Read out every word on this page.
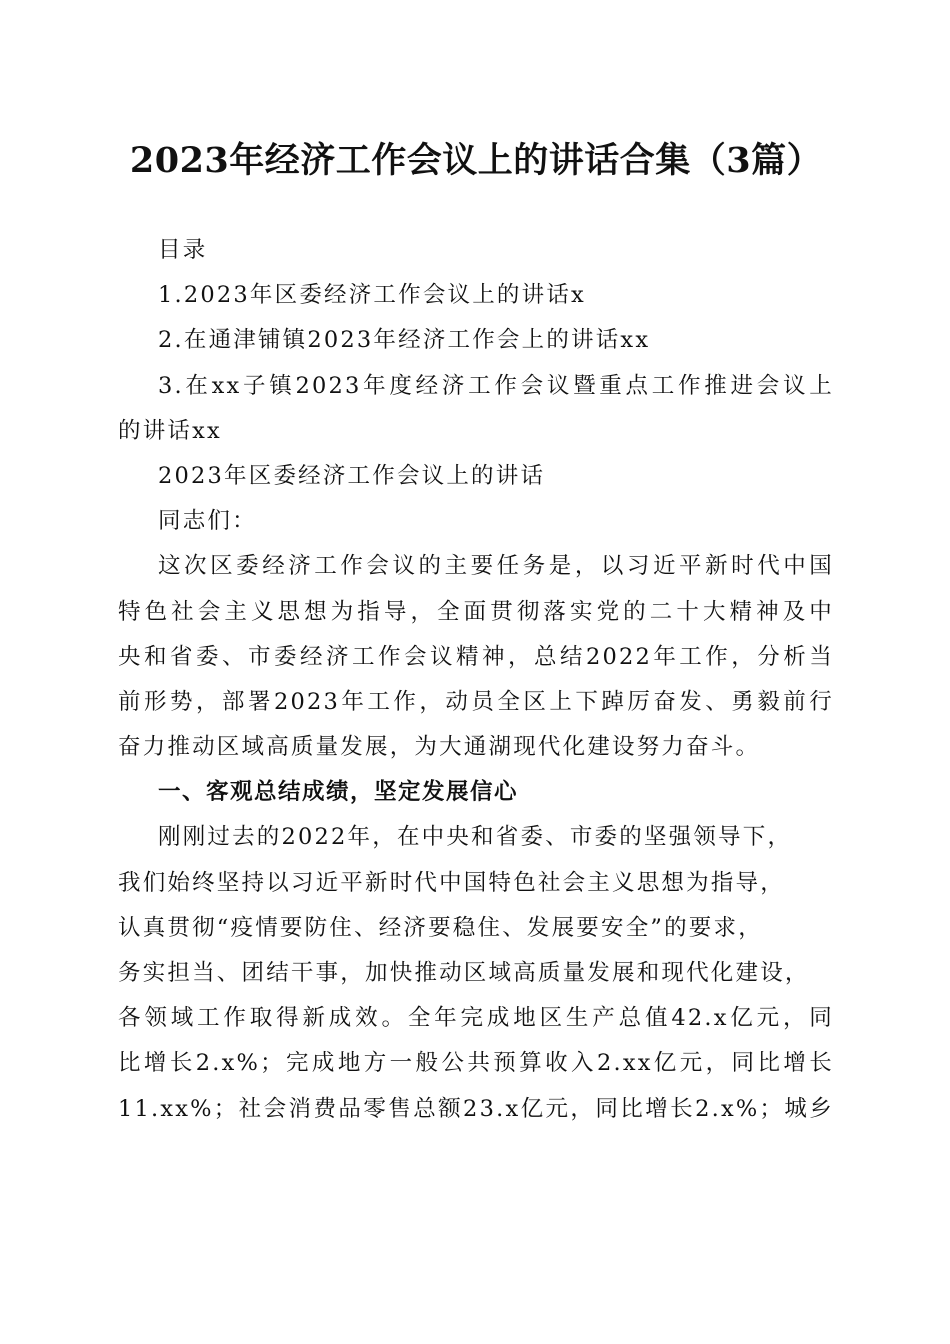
2023年经济工作会议上的讲话合集（3篇）
目录
1.2023年区委经济工作会议上的讲话x
2.在通津铺镇2023年经济工作会上的讲话xx
3.在xx子镇2023年度经济工作会议暨重点工作推进会议上
的讲话xx
2023年区委经济工作会议上的讲话
同志们：
这次区委经济工作会议的主要任务是，以习近平新时代中国
特色社会主义思想为指导，全面贯彻落实党的二十大精神及中
央和省委、市委经济工作会议精神，总结2022年工作，分析当
前形势，部署2023年工作，动员全区上下踔厉奋发、勇毅前行
奋力推动区域高质量发展，为大通湖现代化建设努力奋斗。
一、客观总结成绩，坚定发展信心
刚刚过去的2022年，在中央和省委、市委的坚强领导下，
我们始终坚持以习近平新时代中国特色社会主义思想为指导，
认真贯彻“疫情要防住、经济要稳住、发展要安全”的要求，
务实担当、团结干事，加快推动区域高质量发展和现代化建设，
各领域工作取得新成效。全年完成地区生产总值42.x亿元，同
比增长2.x%；完成地方一般公共预算收入2.xx亿元，同比增长
11.xx%；社会消费品零售总额23.x亿元，同比增长2.x%；城乡
